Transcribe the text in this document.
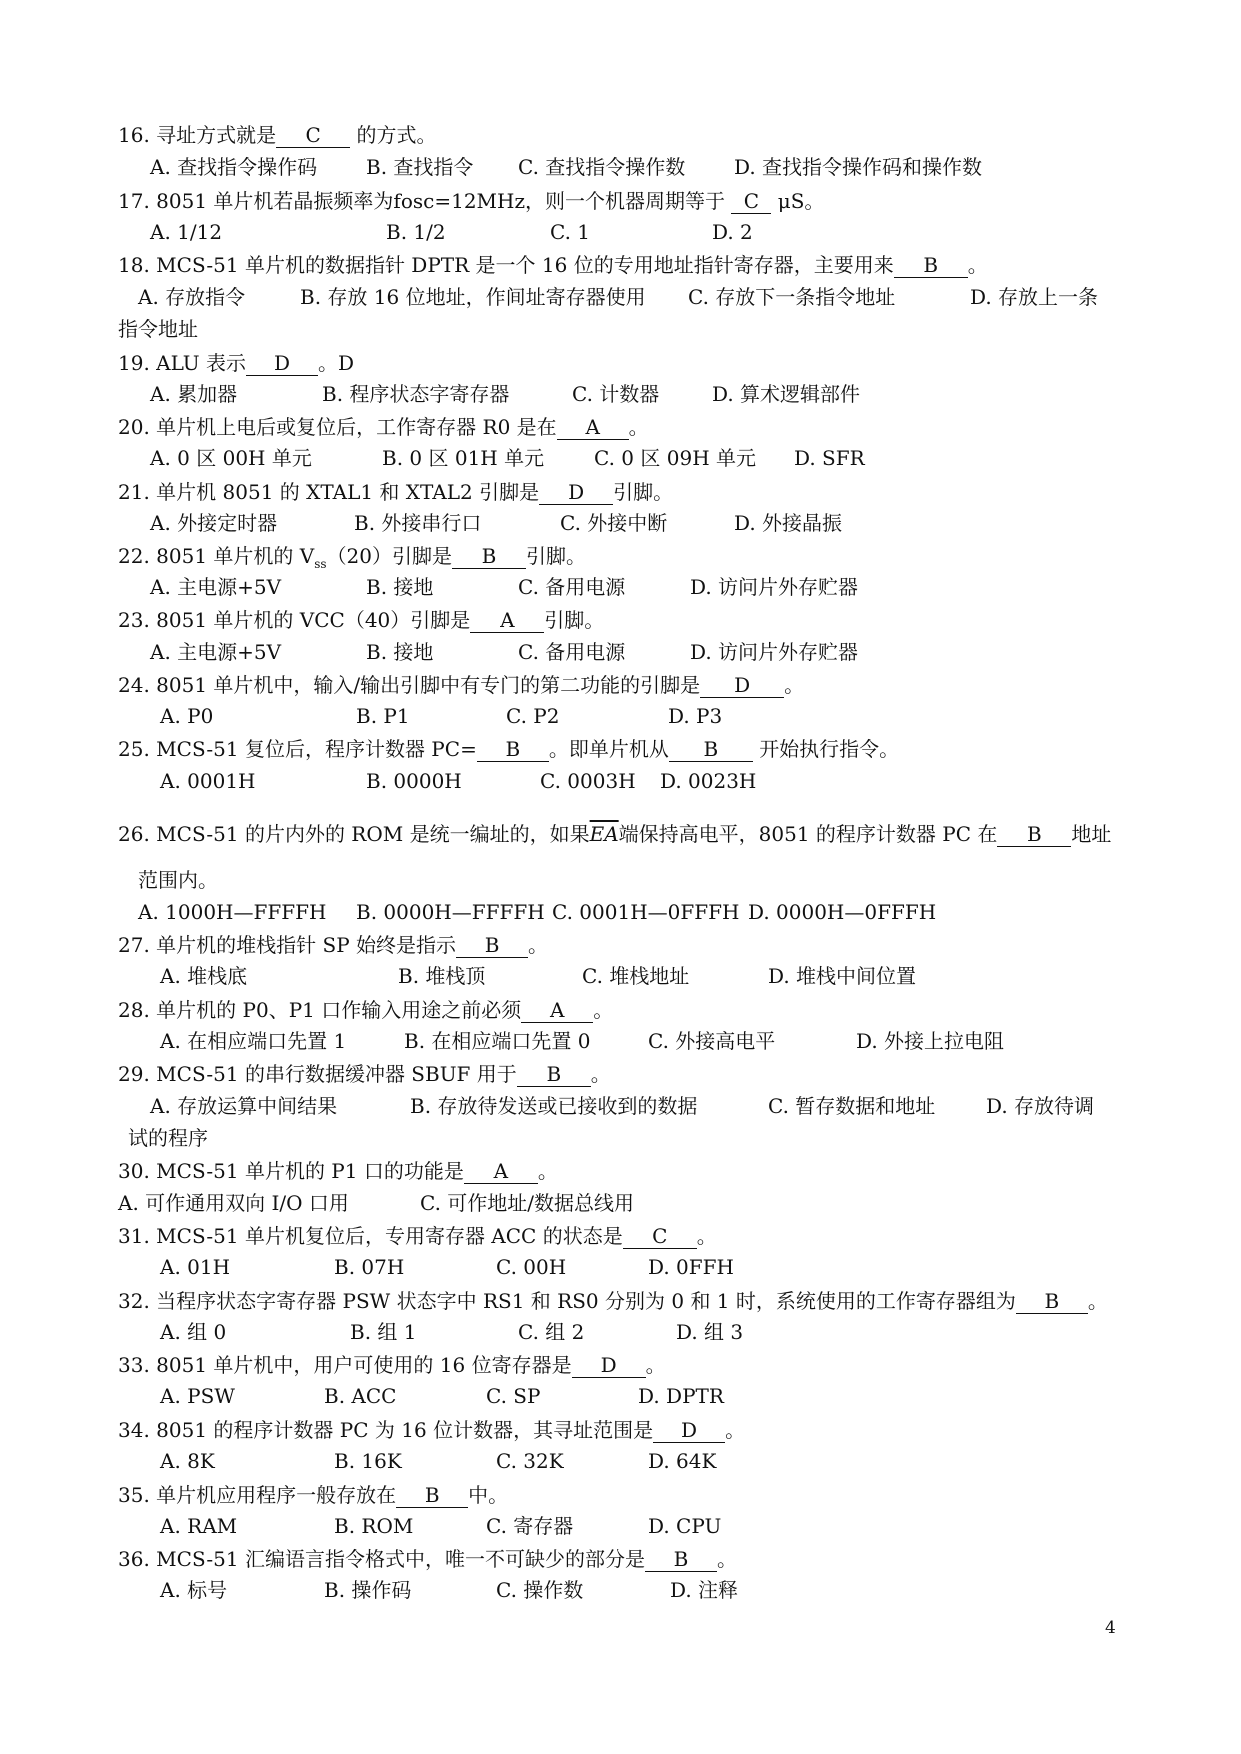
16. 寻址方式就是 C 的方式。
A. 查找指令操作码 B. 查找指令 C. 查找指令操作数 D. 查找指令操作码和操作数
17. 8051 单片机若晶振频率为fosc=12MHz，则一个机器周期等于 C μS。
A. 1/12	B. 1/2	C. 1	D. 2
18. MCS-51 单片机的数据指针 DPTR 是一个 16 位的专用地址指针寄存器，主要用来 B 。
A. 存放指令	B. 存放 16 位地址，作间址寄存器使用 C. 存放下一条指令地址	D. 存放上一条
指令地址
19. ALU 表示 D 。D
A. 累加器	B. 程序状态字寄存器	C. 计数器	D. 算术逻辑部件
20. 单片机上电后或复位后，工作寄存器 R0 是在 A 。
A. 0 区 00H 单元	B. 0 区 01H 单元 C. 0 区 09H 单元 D. SFR
21. 单片机 8051 的 XTAL1 和 XTAL2 引脚是 D 引脚。
A. 外接定时器	B. 外接串行口	C. 外接中断	D. 外接晶振
22. 8051 单片机的 $V_{ss}(20)$引脚是 B 引脚。
A. 主电源+5V	B. 接地	C. 备用电源	D. 访问片外存贮器
23. 8051 单片机的 VCC（40）引脚是 A 引脚。
A. 主电源+5V	B. 接地	C. 备用电源	D. 访问片外存贮器
24. 8051 单片机中，输入/输出引脚中有专门的第二功能的引脚是 D 。
A. P0	B. P1	C. P2	D. P3
25. MCS-51 复位后，程序计数器 PC= B 。即单片机从 B 开始执行指令。
A. 0001H	B. 0000H	C. 0003H D. 0023H
26. MCS-51 的片内外的 ROM 是统一编址的，如果$\overline{EA}$端保持高电平，8051 的程序计数器 PC 在 B 地址
范围内。
A. 1000H—FFFFH B. 0000H—FFFFH C. 0001H—0FFFH D. 0000H—0FFFH
27. 单片机的堆栈指针 SP 始终是指示 B 。
A. 堆栈底	B. 堆栈顶	C. 堆栈地址	D. 堆栈中间位置
28. 单片机的 P0、P1 口作输入用途之前必须 A 。
A. 在相应端口先置 1	B. 在相应端口先置 0	C. 外接高电平	D. 外接上拉电阻
29. MCS-51 的串行数据缓冲器 SBUF 用于 B 。
A. 存放运算中间结果	B. 存放待发送或已接收到的数据	C. 暂存数据和地址	D. 存放待调
试的程序
30. MCS-51 单片机的 P1 口的功能是 A 。
A. 可作通用双向 I/O 口用	C. 可作地址/数据总线用
31. MCS-51 单片机复位后，专用寄存器 ACC 的状态是 C 。
A. 01H	B. 07H	C. 00H	D. 0FFH
32. 当程序状态字寄存器 PSW 状态字中 RS1 和 RS0 分别为 0 和 1 时，系统使用的工作寄存器组为 B 。
A. 组 0	B. 组 1	C. 组 2	D. 组 3
33. 8051 单片机中，用户可使用的 16 位寄存器是 D 。
A. PSW	B. ACC	C. SP	D. DPTR
34. 8051 的程序计数器 PC 为 16 位计数器，其寻址范围是 D 。
A. 8K	B. 16K	C. 32K	D. 64K
35. 单片机应用程序一般存放在 B 中。
A. RAM	B. ROM	C. 寄存器	D. CPU
36. MCS-51 汇编语言指令格式中，唯一不可缺少的部分是 B 。
A. 标号	B. 操作码	C. 操作数	D. 注释
4
